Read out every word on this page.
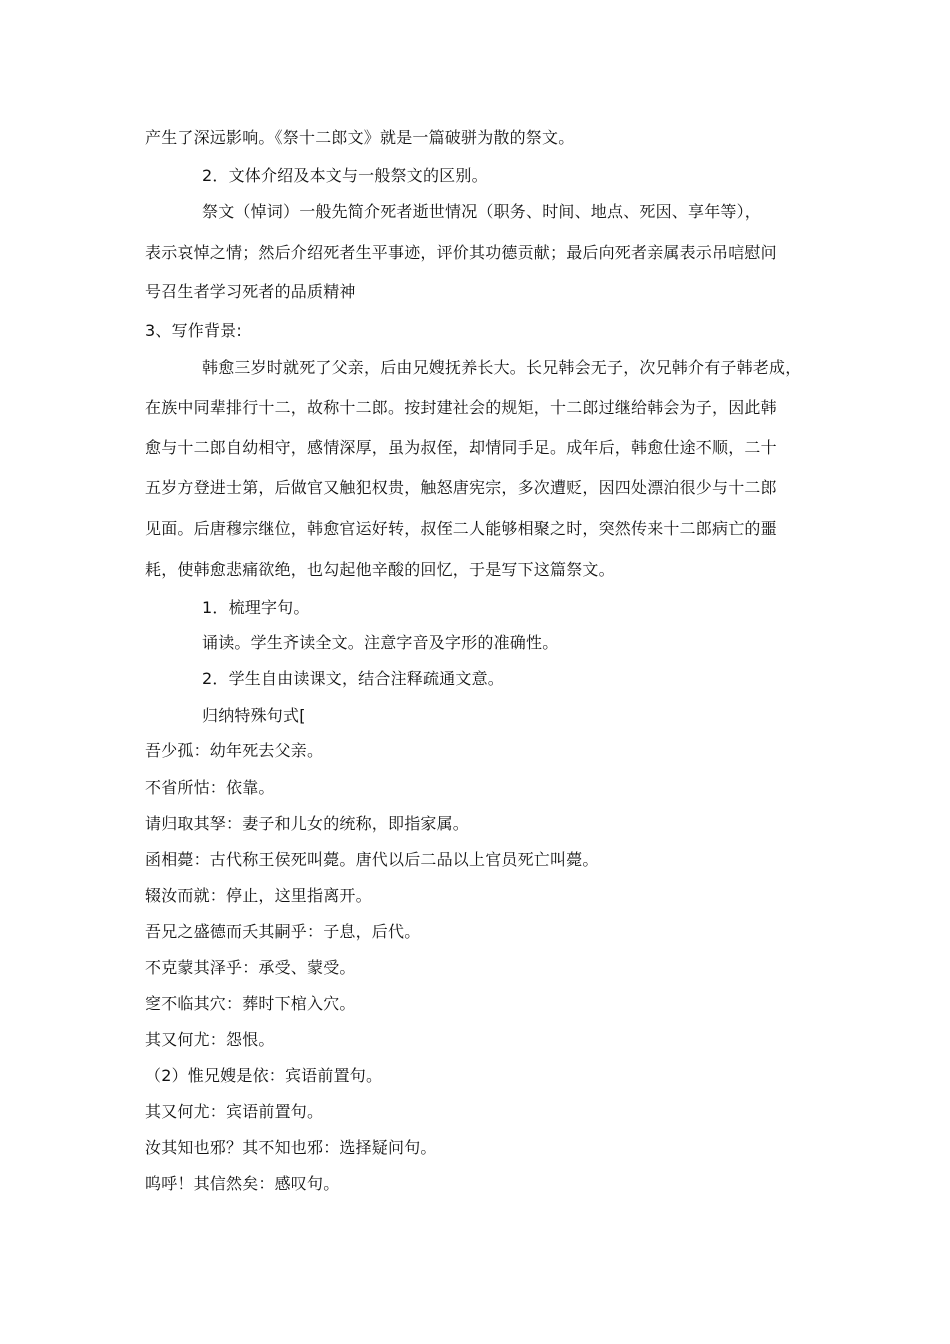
产生了深远影响。《祭十二郎文》就是一篇破骈为散的祭文。
2．文体介绍及本文与一般祭文的区别。
祭文（悼词）一般先简介死者逝世情况（职务、时间、地点、死因、享年等），
表示哀悼之情；然后介绍死者生平事迹，评价其功德贡献；最后向死者亲属表示吊唁慰问
号召生者学习死者的品质精神
3、写作背景:
韩愈三岁时就死了父亲，后由兄嫂抚养长大。长兄韩会无子，次兄韩介有子韩老成，
在族中同辈排行十二，故称十二郎。按封建社会的规矩，十二郎过继给韩会为子，因此韩
愈与十二郎自幼相守，感情深厚，虽为叔侄，却情同手足。成年后，韩愈仕途不顺，二十
五岁方登进士第，后做官又触犯权贵，触怒唐宪宗，多次遭贬，因四处漂泊很少与十二郎
见面。后唐穆宗继位，韩愈官运好转，叔侄二人能够相聚之时，突然传来十二郎病亡的噩
耗，使韩愈悲痛欲绝，也勾起他辛酸的回忆，于是写下这篇祭文。
1．梳理字句。
诵读。学生齐读全文。注意字音及字形的准确性。
2．学生自由读课文，结合注释疏通文意。
归纳特殊句式[
吾少孤：幼年死去父亲。
不省所怙：依靠。
请归取其孥：妻子和儿女的统称，即指家属。
函相薨：古代称王侯死叫薨。唐代以后二品以上官员死亡叫薨。
辍汝而就：停止，这里指离开。
吾兄之盛德而夭其嗣乎：子息，后代。
不克蒙其泽乎：承受、蒙受。
窆不临其穴：葬时下棺入穴。
其又何尤：怨恨。
（2）惟兄嫂是依：宾语前置句。
其又何尤：宾语前置句。
汝其知也邪？其不知也邪：选择疑问句。
呜呼！其信然矣：感叹句。
